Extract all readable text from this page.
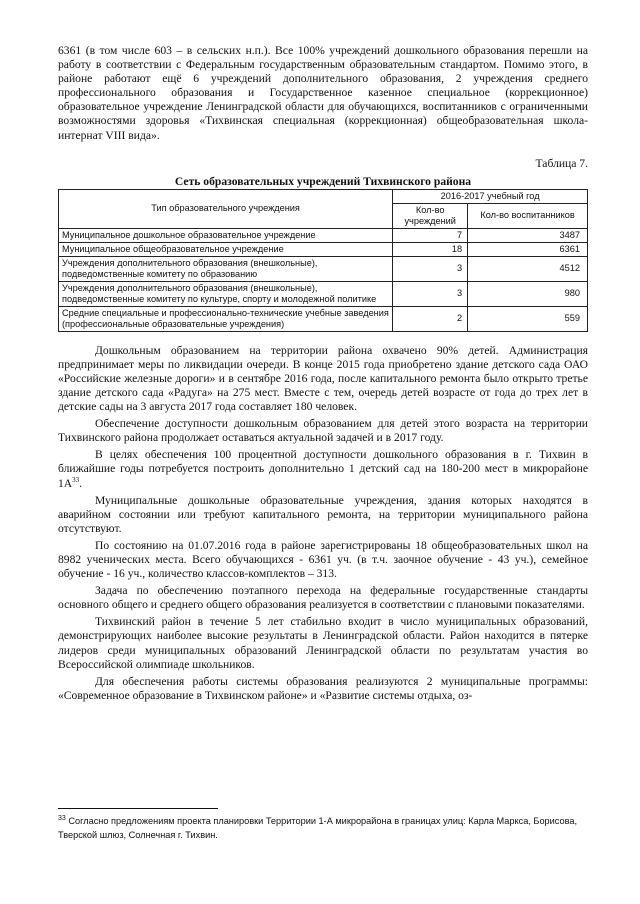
6361 (в том числе 603 – в сельских н.п.). Все 100% учреждений дошкольного образования перешли на работу в соответствии с Федеральным государственным образовательным стандартом. Помимо этого, в районе работают ещё 6 учреждений дополнительного образования, 2 учреждения среднего профессионального образования и Государственное казенное специальное (коррекционное) образовательное учреждение Ленинградской области для обучающихся, воспитанников с ограниченными возможностями здоровья «Тихвинская специальная (коррекционная) общеобразовательная школа-интернат VIII вида».

Таблица 7.
Сеть образовательных учреждений Тихвинского района
Тип образовательного учреждения	2016-2017 учебный год	
	Кол-во учреждений	Кол-во воспитанников
Муниципальное дошкольное образовательное учреждение	7	3487
Муниципальное общеобразовательное учреждение	18	6361
Учреждения дополнительного образования (внешкольные), подведомственные комитету по образованию	3	4512
Учреждения дополнительного образования (внешкольные), подведомственные комитету по культуре, спорту и молодежной политике	3	980
Средние специальные и профессионально-технические учебные заведения (профессиональные образовательные учреждения)	2	559

Дошкольным образованием на территории района охвачено 90% детей. Администрация предпринимает меры по ликвидации очереди. В конце 2015 года приобретено здание детского сада ОАО «Российские железные дороги» и в сентябре 2016 года, после капитального ремонта было открыто третье здание детского сада «Радуга» на 275 мест. Вместе с тем, очередь детей возрасте от года до трех лет в детские сады на 3 августа 2017 года составляет 180 человек.

Обеспечение доступности дошкольным образованием для детей этого возраста на территории Тихвинского района продолжает оставаться актуальной задачей и в 2017 году.

В целях обеспечения 100 процентной доступности дошкольного образования в г. Тихвин в ближайшие годы потребуется построить дополнительно 1 детский сад на 180-200 мест в микрорайоне $1А^{33}$.

Муниципальные дошкольные образовательные учреждения, здания которых находятся в аварийном состоянии или требуют капитального ремонта, на территории муниципального района отсутствуют.

По состоянию на 01.07.2016 года в районе зарегистрированы 18 общеобразовательных школ на 8982 ученических места. Всего обучающихся - 6361 уч. (в т.ч. заочное обучение - 43 уч.), семейное обучение - 16 уч., количество классов-комплектов – 313.

Задача по обеспечению поэтапного перехода на федеральные государственные стандарты основного общего и среднего общего образования реализуется в соответствии с плановыми показателями.

Тихвинский район в течение 5 лет стабильно входит в число муниципальных образований, демонстрирующих наиболее высокие результаты в Ленинградской области. Район находится в пятерке лидеров среди муниципальных образований Ленинградской области по результатам участия во Всероссийской олимпиаде школьников.

Для обеспечения работы системы образования реализуются 2 муниципальные программы: «Современное образование в Тихвинском районе» и «Развитие системы отдыха, оз-

$^{33}$ Согласно предложениям проекта планировки Территории 1-А микрорайона в границах улиц: Карла Маркса, Борисова, Тверской шлюз, Солнечная г. Тихвин.
